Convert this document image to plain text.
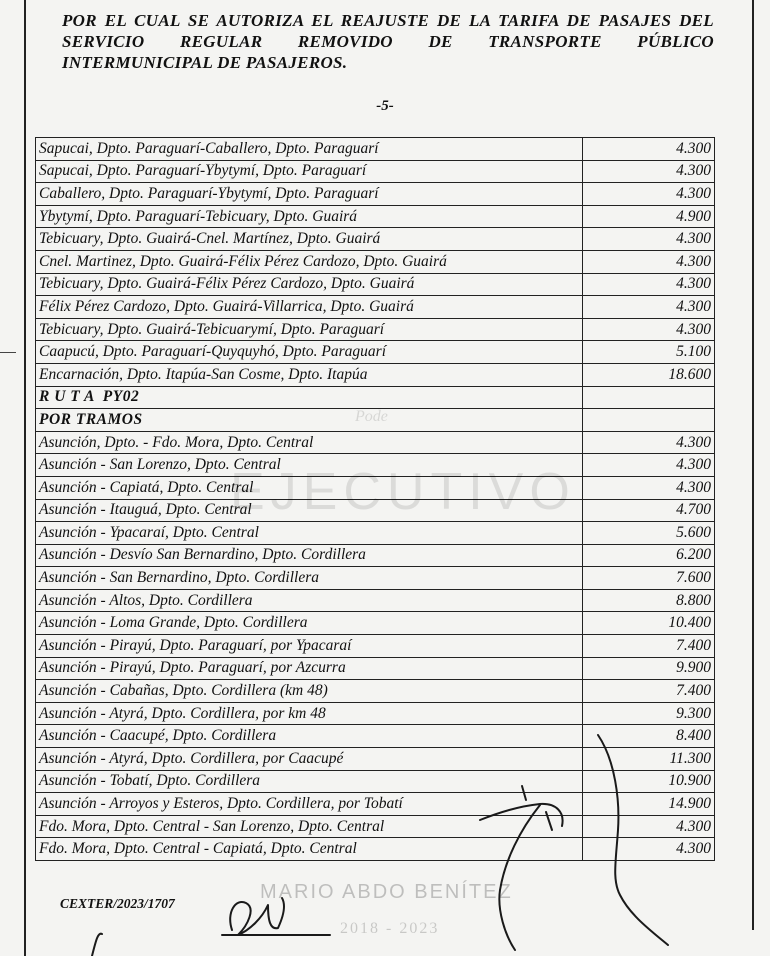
POR EL CUAL SE AUTORIZA EL REAJUSTE DE LA TARIFA DE PASAJES DEL SERVICIO REGULAR REMOVIDO DE TRANSPORTE PÚBLICO INTERMUNICIPAL DE PASAJEROS.
-5-
Sapucai, Dpto. Paraguarí-Caballero, Dpto. Paraguarí	4.300
Sapucai, Dpto. Paraguarí-Ybytymí, Dpto. Paraguarí	4.300
Caballero, Dpto. Paraguarí-Ybytymí, Dpto. Paraguarí	4.300
Ybytymí, Dpto. Paraguarí-Tebicuary, Dpto. Guairá	4.900
Tebicuary, Dpto. Guairá-Cnel. Martínez, Dpto. Guairá	4.300
Cnel. Martinez, Dpto. Guairá-Félix Pérez Cardozo, Dpto. Guairá	4.300
Tebicuary, Dpto. Guairá-Félix Pérez Cardozo, Dpto. Guairá	4.300
Félix Pérez Cardozo, Dpto. Guairá-Villarrica, Dpto. Guairá	4.300
Tebicuary, Dpto. Guairá-Tebicuarymí, Dpto. Paraguarí	4.300
Caapucú, Dpto. Paraguarí-Quyquyhó, Dpto. Paraguarí	5.100
Encarnación, Dpto. Itapúa-San Cosme, Dpto. Itapúa	18.600
R U T A  PY02	
POR TRAMOS	
Asunción, Dpto. - Fdo. Mora, Dpto. Central	4.300
Asunción - San Lorenzo, Dpto. Central	4.300
Asunción - Capiatá, Dpto. Central	4.300
Asunción - Itauguá, Dpto. Central	4.700
Asunción - Ypacaraí, Dpto. Central	5.600
Asunción - Desvío San Bernardino, Dpto. Cordillera	6.200
Asunción - San Bernardino, Dpto. Cordillera	7.600
Asunción - Altos, Dpto. Cordillera	8.800
Asunción - Loma Grande, Dpto. Cordillera	10.400
Asunción - Pirayú, Dpto. Paraguarí, por Ypacaraí	7.400
Asunción - Pirayú, Dpto. Paraguarí, por Azcurra	9.900
Asunción - Cabañas, Dpto. Cordillera (km 48)	7.400
Asunción - Atyrá, Dpto. Cordillera, por km 48	9.300
Asunción - Caacupé, Dpto. Cordillera	8.400
Asunción - Atyrá, Dpto. Cordillera, por Caacupé	11.300
Asunción - Tobatí, Dpto. Cordillera	10.900
Asunción - Arroyos y Esteros, Dpto. Cordillera, por Tobatí	14.900
Fdo. Mora, Dpto. Central - San Lorenzo, Dpto. Central	4.300
Fdo. Mora, Dpto. Central - Capiatá, Dpto. Central	4.300
Pode
EJECUTIVO
CEXTER/2023/1707
MARIO ABDO BENÍTEZ
2018 - 2023
